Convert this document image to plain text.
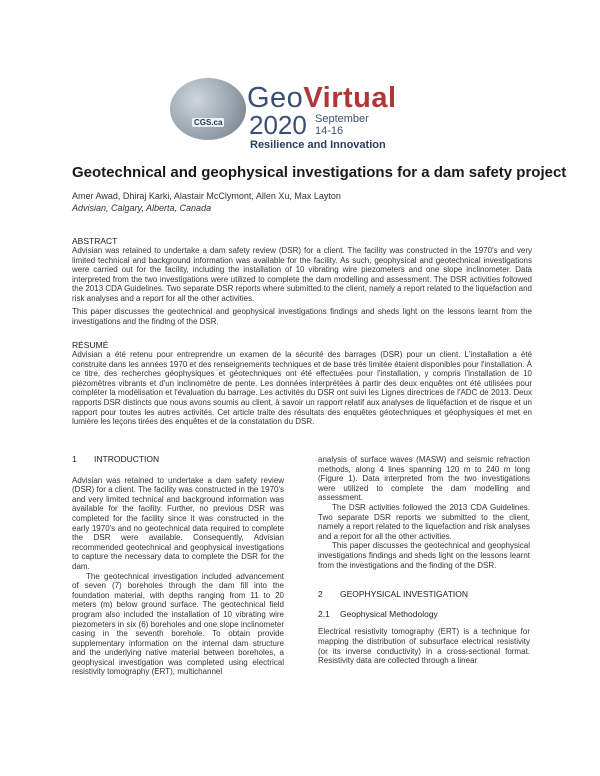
CGS.ca
GeoVirtual
2020 September
14-16
Resilience and Innovation
Geotechnical and geophysical investigations for a dam safety project
Amer Awad, Dhiraj Karki, Alastair McClymont, Allen Xu, Max Layton
Advisian, Calgary, Alberta, Canada
ABSTRACT

Advisian was retained to undertake a dam safety review (DSR) for a client. The facility was constructed in the 1970's and very limited technical and background information was available for the facility. As such, geophysical and geotechnical investigations were carried out for the facility, including the installation of 10 vibrating wire piezometers and one slope inclinometer. Data interpreted from the two investigations were utilized to complete the dam modelling and assessment. The DSR activities followed the 2013 CDA Guidelines. Two separate DSR reports where submitted to the client, namely a report related to the liquefaction and risk analyses and a report for all the other activities.

This paper discusses the geotechnical and geophysical investigations findings and sheds light on the lessons learnt from the investigations and the finding of the DSR.

RÉSUMÉ

Advisian a été retenu pour entreprendre un examen de la sécurité des barrages (DSR) pour un client. L'installation a été construite dans les années 1970 et des renseignements techniques et de base très limitée étaient disponibles pour l'installation. À ce titre, des recherches géophysiques et géotechniques ont été effectuées pour l'installation, y compris l'installation de 10 piézomètres vibrants et d'un inclinomètre de pente. Les données interprétées à partir des deux enquêtes ont été utilisées pour compléter la modélisation et l'évaluation du barrage. Les activités du DSR ont suivi les Lignes directrices de l'ADC de 2013. Deux rapports DSR distincts que nous avons soumis au client, à savoir un rapport relatif aux analyses de liquéfaction et de risque et un rapport pour toutes les autres activités. Cet article traite des résultats des enquêtes géotechniques et géophysiques et met en lumière les leçons tirées des enquêtes et de la constatation du DSR.

1 INTRODUCTION

Advisian was retained to undertake a dam safety review (DSR) for a client. The facility was constructed in the 1970's and very limited technical and background information was available for the facility. Further, no previous DSR was completed for the facility since it was constructed in the early 1970's and no geotechnical data required to complete the DSR were available. Consequently, Advisian recommended geotechnical and geophysical investigations to capture the necessary data to complete the DSR for the dam.

The geotechnical investigation included advancement of seven (7) boreholes through the dam fill into the foundation material, with depths ranging from 11 to 20 meters (m) below ground surface. The geotechnical field program also included the installation of 10 vibrating wire piezometers in six (6) boreholes and one slope inclinometer casing in the seventh borehole. To obtain provide supplementary information on the internal dam structure and the underlying native material between boreholes, a geophysical investigation was completed using electrical resistivity tomography (ERT), multichannel

analysis of surface waves (MASW) and seismic refraction methods, along 4 lines spanning 120 m to 240 m long (Figure 1). Data interpreted from the two investigations were utilized to complete the dam modelling and assessment.

The DSR activities followed the 2013 CDA Guidelines. Two separate DSR reports we submitted to the client, namely a report related to the liquefaction and risk analyses and a report for all the other activities.

This paper discusses the geotechnical and geophysical investigations findings and sheds light on the lessons learnt from the investigations and the finding of the DSR.

2 GEOPHYSICAL INVESTIGATION
2.1 Geophysical Methodology

Electrical resistivity tomography (ERT) is a technique for mapping the distribution of subsurface electrical resistivity (or its inverse conductivity) in a cross-sectional format. Resistivity data are collected through a linear
